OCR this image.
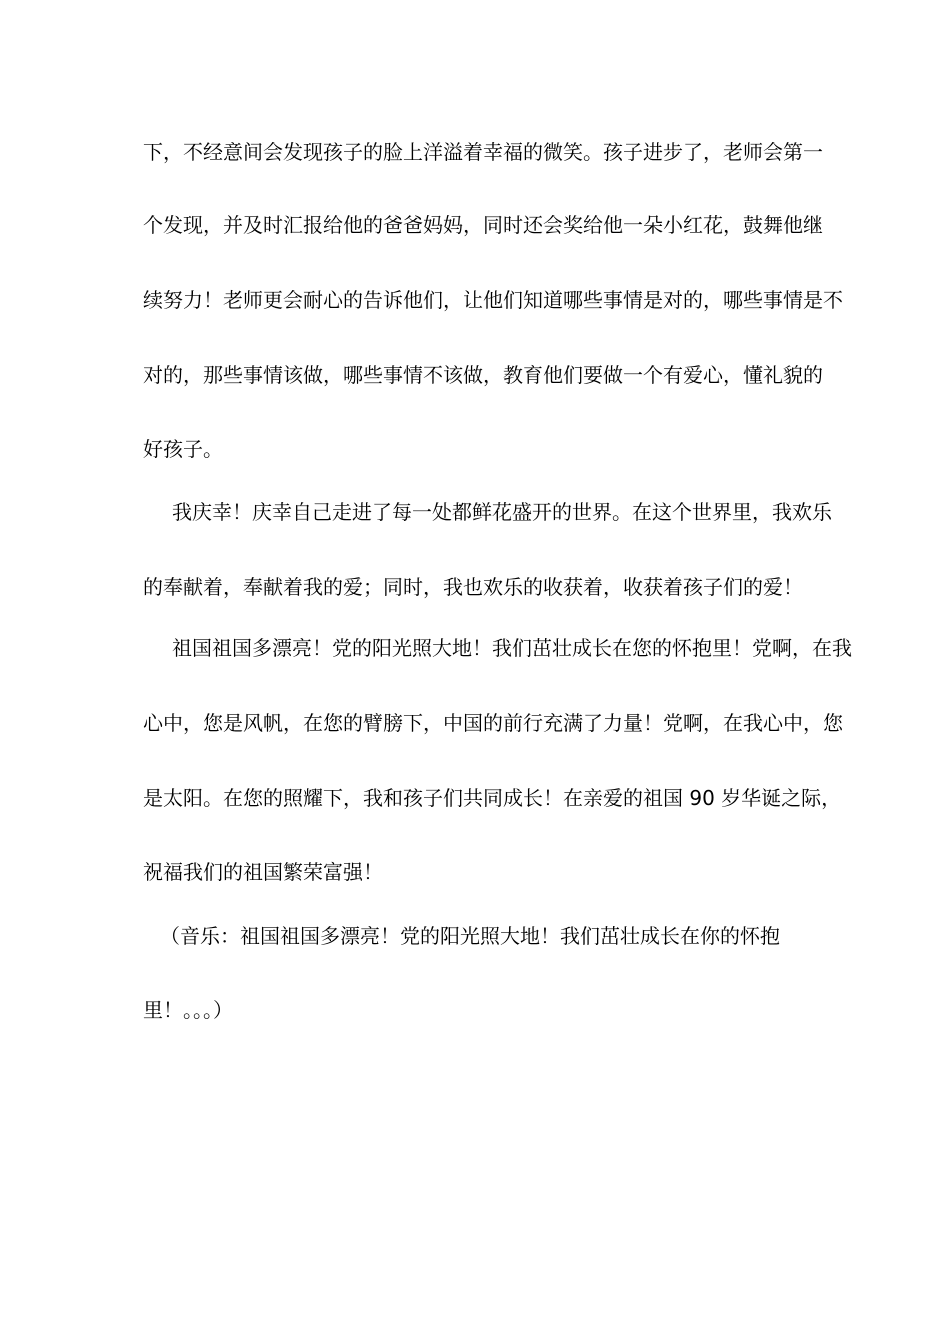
下，不经意间会发现孩子的脸上洋溢着幸福的微笑。孩子进步了，老师会第一
个发现，并及时汇报给他的爸爸妈妈，同时还会奖给他一朵小红花，鼓舞他继
续努力！老师更会耐心的告诉他们，让他们知道哪些事情是对的，哪些事情是不
对的，那些事情该做，哪些事情不该做，教育他们要做一个有爱心，懂礼貌的
好孩子。
我庆幸！庆幸自己走进了每一处都鲜花盛开的世界。在这个世界里，我欢乐
的奉献着，奉献着我的爱；同时，我也欢乐的收获着，收获着孩子们的爱！
祖国祖国多漂亮！党的阳光照大地！我们茁壮成长在您的怀抱里！党啊，在我
心中，您是风帆，在您的臂膀下，中国的前行充满了力量！党啊，在我心中，您
是太阳。在您的照耀下，我和孩子们共同成长！在亲爱的祖国 90 岁华诞之际，
祝福我们的祖国繁荣富强！
（音乐：祖国祖国多漂亮！党的阳光照大地！我们茁壮成长在你的怀抱
里！。。。）
